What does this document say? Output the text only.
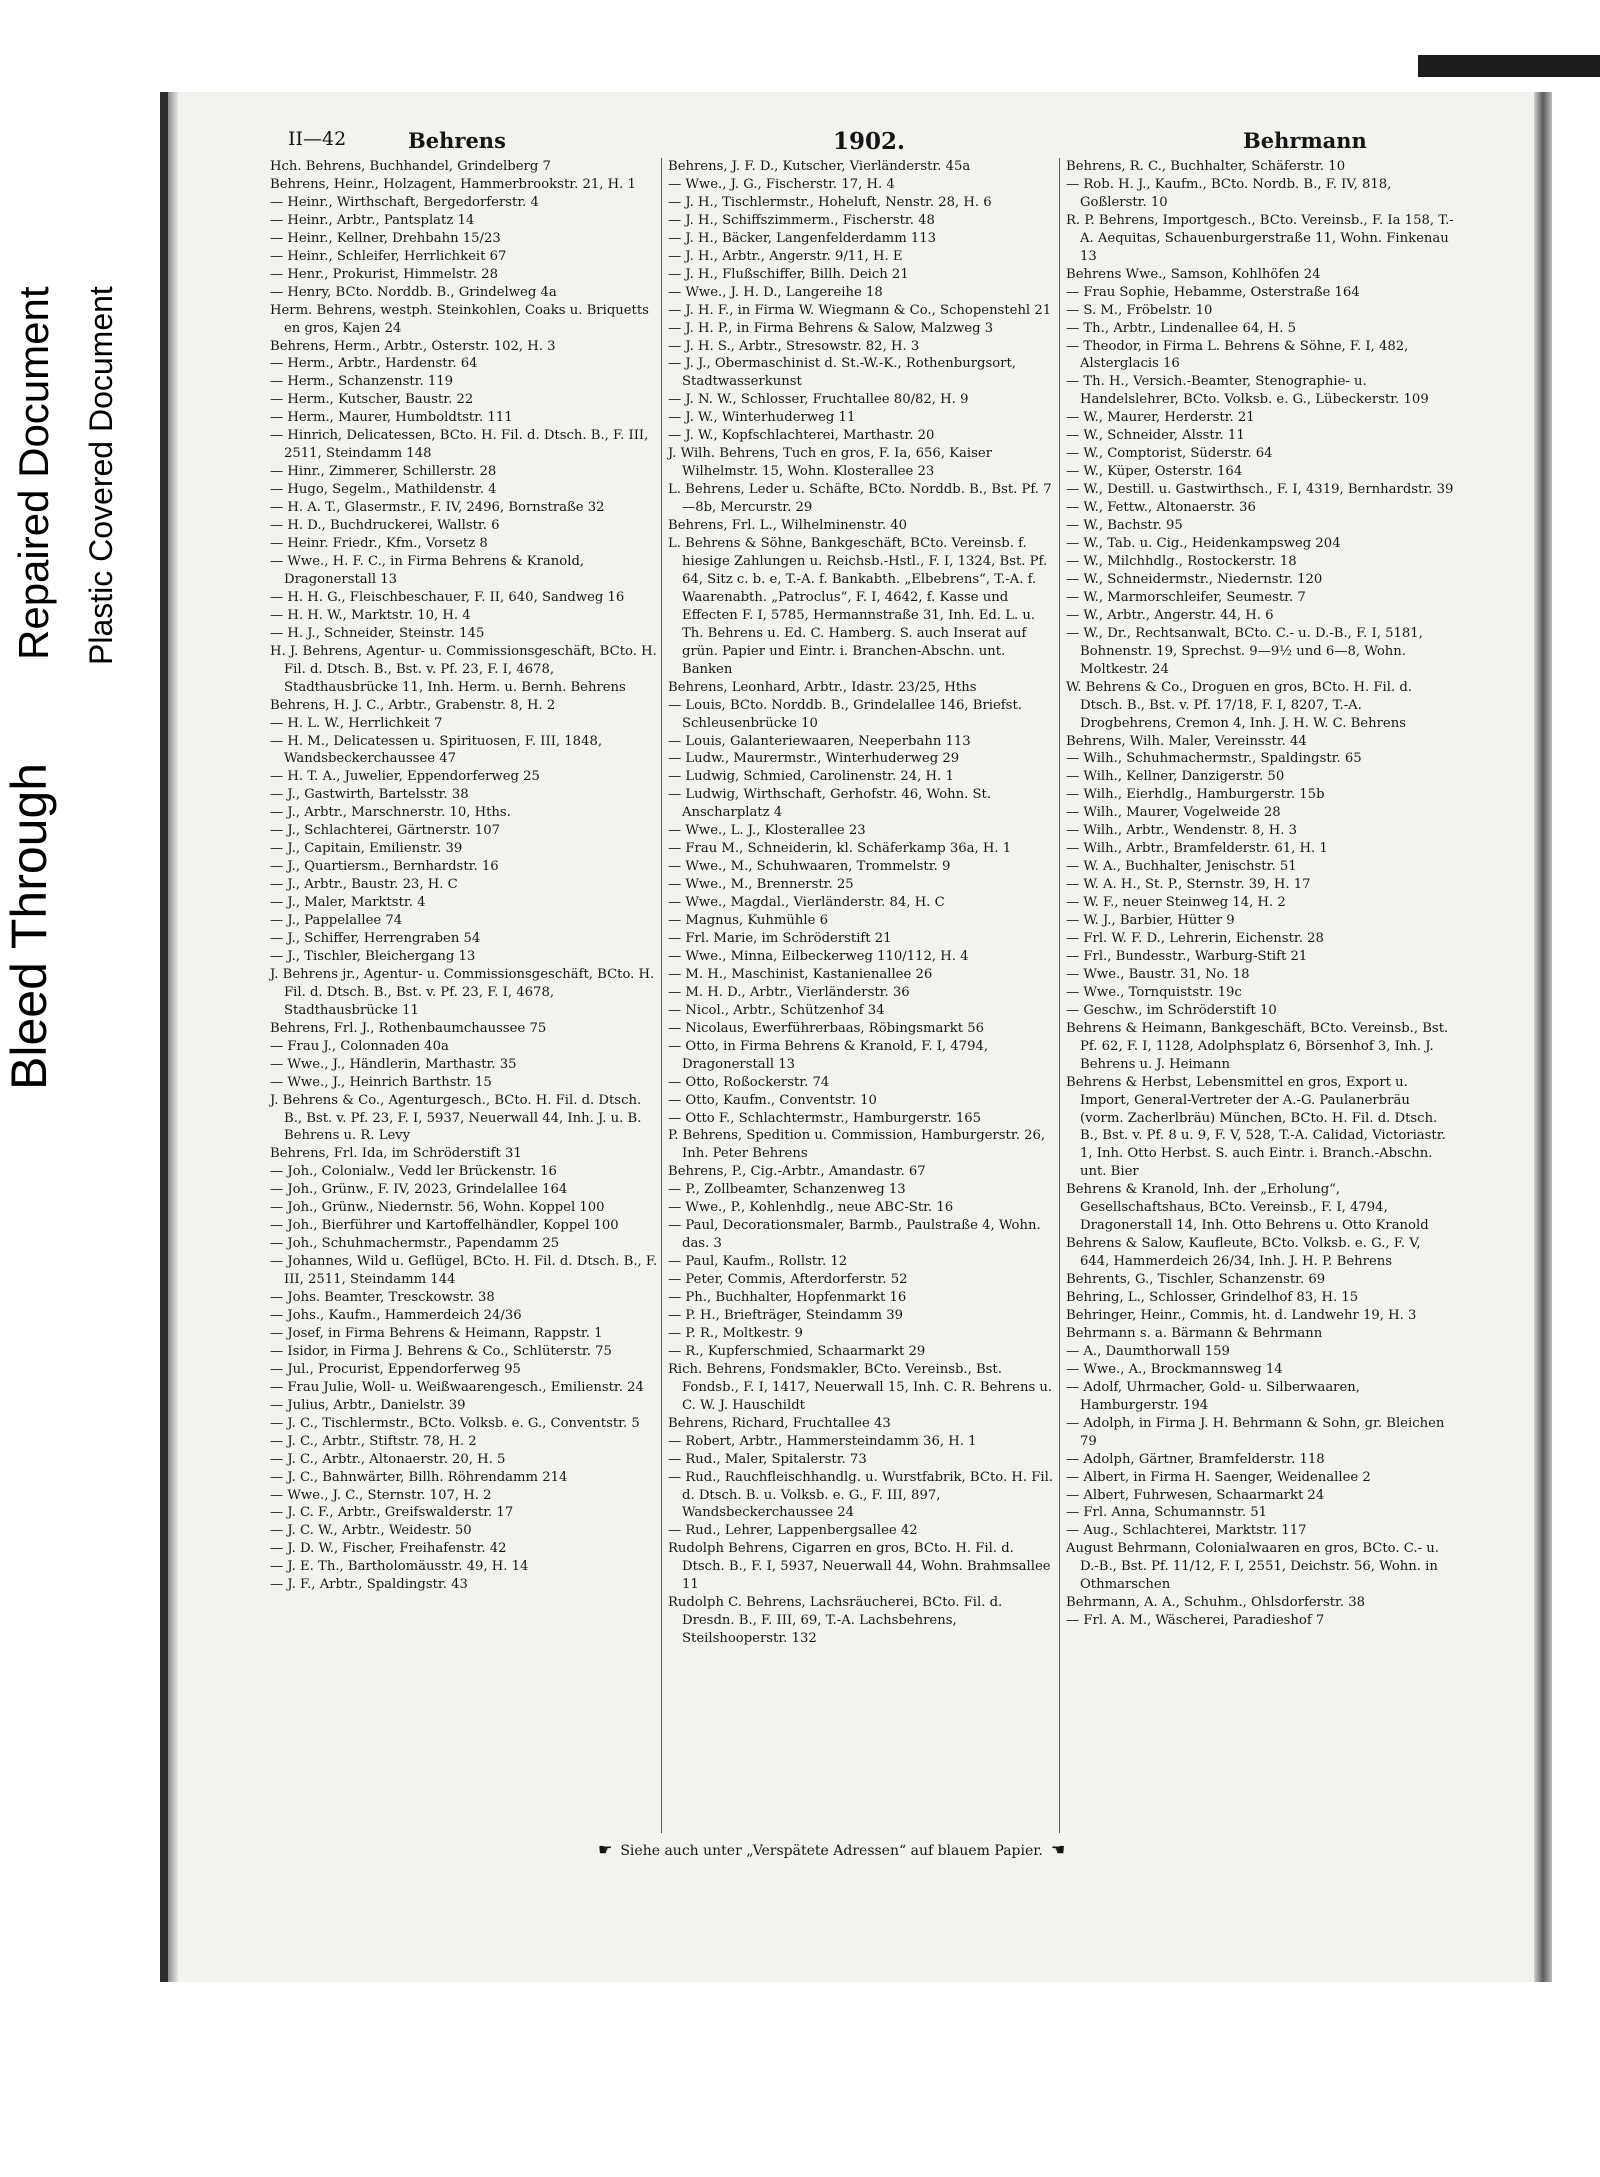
Bleed Through
Repaired Document Plastic Covered Document
II—42	Behrens	1902.	Behrmann

Hch. Behrens, Buchhandel, Grindelberg 7

Behrens, Heinr., Holzagent, Hammerbrookstr. 21, H. 1

— Heinr., Wirthschaft, Bergedorferstr. 4

— Heinr., Arbtr., Pantsplatz 14

— Heinr., Kellner, Drehbahn 15/23

— Heinr., Schleifer, Herrlichkeit 67

— Henr., Prokurist, Himmelstr. 28

— Henry, BCto. Norddb. B., Grindelweg 4a

Herm. Behrens, westph. Steinkohlen, Coaks u. Briquetts en gros, Kajen 24

Behrens, Herm., Arbtr., Osterstr. 102, H. 3

— Herm., Arbtr., Hardenstr. 64

— Herm., Schanzenstr. 119

— Herm., Kutscher, Baustr. 22

— Herm., Maurer, Humboldtstr. 111

— Hinrich, Delicatessen, BCto. H. Fil. d. Dtsch. B., F. III, 2511, Steindamm 148

— Hinr., Zimmerer, Schillerstr. 28

— Hugo, Segelm., Mathildenstr. 4

— H. A. T., Glasermstr., F. IV, 2496, Bornstraße 32

— H. D., Buchdruckerei, Wallstr. 6

— Heinr. Friedr., Kfm., Vorsetz 8

— Wwe., H. F. C., in Firma Behrens & Kranold, Dragonerstall 13

— H. H. G., Fleischbeschauer, F. II, 640, Sandweg 16

— H. H. W., Marktstr. 10, H. 4

— H. J., Schneider, Steinstr. 145

H. J. Behrens, Agentur- u. Commissionsgeschäft, BCto. H. Fil. d. Dtsch. B., Bst. v. Pf. 23, F. I, 4678, Stadthausbrücke 11, Inh. Herm. u. Bernh. Behrens

Behrens, H. J. C., Arbtr., Grabenstr. 8, H. 2

— H. L. W., Herrlichkeit 7

— H. M., Delicatessen u. Spirituosen, F. III, 1848, Wandsbeckerchaussee 47

— H. T. A., Juwelier, Eppendorferweg 25

— J., Gastwirth, Bartelsstr. 38

— J., Arbtr., Marschnerstr. 10, Hths.

— J., Schlachterei, Gärtnerstr. 107

— J., Capitain, Emilienstr. 39

— J., Quartiersm., Bernhardstr. 16

— J., Arbtr., Baustr. 23, H. C

— J., Maler, Marktstr. 4

— J., Pappelallee 74

— J., Schiffer, Herrengraben 54

— J., Tischler, Bleichergang 13

J. Behrens jr., Agentur- u. Commissionsgeschäft, BCto. H. Fil. d. Dtsch. B., Bst. v. Pf. 23, F. I, 4678, Stadthausbrücke 11

Behrens, Frl. J., Rothenbaumchaussee 75

— Frau J., Colonnaden 40a

— Wwe., J., Händlerin, Marthastr. 35

— Wwe., J., Heinrich Barthstr. 15

J. Behrens & Co., Agenturgesch., BCto. H. Fil. d. Dtsch. B., Bst. v. Pf. 23, F. I, 5937, Neuerwall 44, Inh. J. u. B. Behrens u. R. Levy

Behrens, Frl. Ida, im Schröderstift 31

— Joh., Colonialw., Vedd ler Brückenstr. 16

— Joh., Grünw., F. IV, 2023, Grindelallee 164

— Joh., Grünw., Niedernstr. 56, Wohn. Koppel 100

— Joh., Bierführer und Kartoffelhändler, Koppel 100

— Joh., Schuhmachermstr., Papendamm 25

— Johannes, Wild u. Geflügel, BCto. H. Fil. d. Dtsch. B., F. III, 2511, Steindamm 144

— Johs. Beamter, Tresckowstr. 38

— Johs., Kaufm., Hammerdeich 24/36

— Josef, in Firma Behrens & Heimann, Rappstr. 1

— Isidor, in Firma J. Behrens & Co., Schlüterstr. 75

— Jul., Procurist, Eppendorferweg 95

— Frau Julie, Woll- u. Weißwaarengesch., Emilienstr. 24

— Julius, Arbtr., Danielstr. 39

— J. C., Tischlermstr., BCto. Volksb. e. G., Conventstr. 5

— J. C., Arbtr., Stiftstr. 78, H. 2

— J. C., Arbtr., Altonaerstr. 20, H. 5

— J. C., Bahnwärter, Billh. Röhrendamm 214

— Wwe., J. C., Sternstr. 107, H. 2

— J. C. F., Arbtr., Greifswalderstr. 17

— J. C. W., Arbtr., Weidestr. 50

— J. D. W., Fischer, Freihafenstr. 42

— J. E. Th., Bartholomäusstr. 49, H. 14

— J. F., Arbtr., Spaldingstr. 43

Behrens, J. F. D., Kutscher, Vierländerstr. 45a

— Wwe., J. G., Fischerstr. 17, H. 4

— J. H., Tischlermstr., Hoheluft, Nenstr. 28, H. 6

— J. H., Schiffszimmerm., Fischerstr. 48

— J. H., Bäcker, Langenfelderdamm 113

— J. H., Arbtr., Angerstr. 9/11, H. E

— J. H., Flußschiffer, Billh. Deich 21

— Wwe., J. H. D., Langereihe 18

— J. H. F., in Firma W. Wiegmann & Co., Schopenstehl 21

— J. H. P., in Firma Behrens & Salow, Malzweg 3

— J. H. S., Arbtr., Stresowstr. 82, H. 3

— J. J., Obermaschinist d. St.-W.-K., Rothenburgsort, Stadtwasserkunst

— J. N. W., Schlosser, Fruchtallee 80/82, H. 9

— J. W., Winterhuderweg 11

— J. W., Kopfschlachterei, Marthastr. 20

J. Wilh. Behrens, Tuch en gros, F. Ia, 656, Kaiser Wilhelmstr. 15, Wohn. Klosterallee 23

L. Behrens, Leder u. Schäfte, BCto. Norddb. B., Bst. Pf. 7—8b, Mercurstr. 29

Behrens, Frl. L., Wilhelminenstr. 40

L. Behrens & Söhne, Bankgeschäft, BCto. Vereinsb. f. hiesige Zahlungen u. Reichsb.-Hstl., F. I, 1324, Bst. Pf. 64, Sitz c. b. e, T.-A. f. Bankabth. „Elbebrens“, T.-A. f. Waarenabth. „Patroclus“, F. I, 4642, f. Kasse und Effecten F. I, 5785, Hermannstraße 31, Inh. Ed. L. u. Th. Behrens u. Ed. C. Hamberg. S. auch Inserat auf grün. Papier und Eintr. i. Branchen-Abschn. unt. Banken

Behrens, Leonhard, Arbtr., Idastr. 23/25, Hths

— Louis, BCto. Norddb. B., Grindelallee 146, Briefst. Schleusenbrücke 10

— Louis, Galanteriewaaren, Neeperbahn 113

— Ludw., Maurermstr., Winterhuderweg 29

— Ludwig, Schmied, Carolinenstr. 24, H. 1

— Ludwig, Wirthschaft, Gerhofstr. 46, Wohn. St. Anscharplatz 4

— Wwe., L. J., Klosterallee 23

— Frau M., Schneiderin, kl. Schäferkamp 36a, H. 1

— Wwe., M., Schuhwaaren, Trommelstr. 9

— Wwe., M., Brennerstr. 25

— Wwe., Magdal., Vierländerstr. 84, H. C

— Magnus, Kuhmühle 6

— Frl. Marie, im Schröderstift 21

— Wwe., Minna, Eilbeckerweg 110/112, H. 4

— M. H., Maschinist, Kastanienallee 26

— M. H. D., Arbtr., Vierländerstr. 36

— Nicol., Arbtr., Schützenhof 34

— Nicolaus, Ewerführerbaas, Röbingsmarkt 56

— Otto, in Firma Behrens & Kranold, F. I, 4794, Dragonerstall 13

— Otto, Roßockerstr. 74

— Otto, Kaufm., Conventstr. 10

— Otto F., Schlachtermstr., Hamburgerstr. 165

P. Behrens, Spedition u. Commission, Hamburgerstr. 26, Inh. Peter Behrens

Behrens, P., Cig.-Arbtr., Amandastr. 67

— P., Zollbeamter, Schanzenweg 13

— Wwe., P., Kohlenhdlg., neue ABC-Str. 16

— Paul, Decorationsmaler, Barmb., Paulstraße 4, Wohn. das. 3

— Paul, Kaufm., Rollstr. 12

— Peter, Commis, Afterdorferstr. 52

— Ph., Buchhalter, Hopfenmarkt 16

— P. H., Briefträger, Steindamm 39

— P. R., Moltkestr. 9

— R., Kupferschmied, Schaarmarkt 29

Rich. Behrens, Fondsmakler, BCto. Vereinsb., Bst. Fondsb., F. I, 1417, Neuerwall 15, Inh. C. R. Behrens u. C. W. J. Hauschildt

Behrens, Richard, Fruchtallee 43

— Robert, Arbtr., Hammersteindamm 36, H. 1

— Rud., Maler, Spitalerstr. 73

— Rud., Rauchfleischhandlg. u. Wurstfabrik, BCto. H. Fil. d. Dtsch. B. u. Volksb. e. G., F. III, 897, Wandsbeckerchaussee 24

— Rud., Lehrer, Lappenbergsallee 42

Rudolph Behrens, Cigarren en gros, BCto. H. Fil. d. Dtsch. B., F. I, 5937, Neuerwall 44, Wohn. Brahmsallee 11

Rudolph C. Behrens, Lachsräucherei, BCto. Fil. d. Dresdn. B., F. III, 69, T.-A. Lachsbehrens, Steilshooperstr. 132

Behrens, R. C., Buchhalter, Schäferstr. 10

— Rob. H. J., Kaufm., BCto. Nordb. B., F. IV, 818, Goßlerstr. 10

R. P. Behrens, Importgesch., BCto. Vereinsb., F. Ia 158, T.-A. Aequitas, Schauenburgerstraße 11, Wohn. Finkenau 13

Behrens Wwe., Samson, Kohlhöfen 24

— Frau Sophie, Hebamme, Osterstraße 164

— S. M., Fröbelstr. 10

— Th., Arbtr., Lindenallee 64, H. 5

— Theodor, in Firma L. Behrens & Söhne, F. I, 482, Alsterglacis 16

— Th. H., Versich.-Beamter, Stenographie- u. Handelslehrer, BCto. Volksb. e. G., Lübeckerstr. 109

— W., Maurer, Herderstr. 21

— W., Schneider, Alsstr. 11

— W., Comptorist, Süderstr. 64

— W., Küper, Osterstr. 164

— W., Destill. u. Gastwirthsch., F. I, 4319, Bernhardstr. 39

— W., Fettw., Altonaerstr. 36

— W., Bachstr. 95

— W., Tab. u. Cig., Heidenkampsweg 204

— W., Milchhdlg., Rostockerstr. 18

— W., Schneidermstr., Niedernstr. 120

— W., Marmorschleifer, Seumestr. 7

— W., Arbtr., Angerstr. 44, H. 6

— W., Dr., Rechtsanwalt, BCto. C.- u. D.-B., F. I, 5181, Bohnenstr. 19, Sprechst. 9—9½ und 6—8, Wohn. Moltkestr. 24

W. Behrens & Co., Droguen en gros, BCto. H. Fil. d. Dtsch. B., Bst. v. Pf. 17/18, F. I, 8207, T.-A. Drogbehrens, Cremon 4, Inh. J. H. W. C. Behrens

Behrens, Wilh. Maler, Vereinsstr. 44

— Wilh., Schuhmachermstr., Spaldingstr. 65

— Wilh., Kellner, Danzigerstr. 50

— Wilh., Eierhdlg., Hamburgerstr. 15b

— Wilh., Maurer, Vogelweide 28

— Wilh., Arbtr., Wendenstr. 8, H. 3

— Wilh., Arbtr., Bramfelderstr. 61, H. 1

— W. A., Buchhalter, Jenischstr. 51

— W. A. H., St. P., Sternstr. 39, H. 17

— W. F., neuer Steinweg 14, H. 2

— W. J., Barbier, Hütter 9

— Frl. W. F. D., Lehrerin, Eichenstr. 28

— Frl., Bundesstr., Warburg-Stift 21

— Wwe., Baustr. 31, No. 18

— Wwe., Tornquiststr. 19c

— Geschw., im Schröderstift 10

Behrens & Heimann, Bankgeschäft, BCto. Vereinsb., Bst. Pf. 62, F. I, 1128, Adolphsplatz 6, Börsenhof 3, Inh. J. Behrens u. J. Heimann

Behrens & Herbst, Lebensmittel en gros, Export u. Import, General-Vertreter der A.-G. Paulanerbräu (vorm. Zacherlbräu) München, BCto. H. Fil. d. Dtsch. B., Bst. v. Pf. 8 u. 9, F. V, 528, T.-A. Calidad, Victoriastr. 1, Inh. Otto Herbst. S. auch Eintr. i. Branch.-Abschn. unt. Bier

Behrens & Kranold, Inh. der „Erholung“, Gesellschaftshaus, BCto. Vereinsb., F. I, 4794, Dragonerstall 14, Inh. Otto Behrens u. Otto Kranold

Behrens & Salow, Kaufleute, BCto. Volksb. e. G., F. V, 644, Hammerdeich 26/34, Inh. J. H. P. Behrens

Behrents, G., Tischler, Schanzenstr. 69

Behring, L., Schlosser, Grindelhof 83, H. 15

Behringer, Heinr., Commis, ht. d. Landwehr 19, H. 3

Behrmann s. a. Bärmann & Behrmann

— A., Daumthorwall 159

— Wwe., A., Brockmannsweg 14

— Adolf, Uhrmacher, Gold- u. Silberwaaren, Hamburgerstr. 194

— Adolph, in Firma J. H. Behrmann & Sohn, gr. Bleichen 79

— Adolph, Gärtner, Bramfelderstr. 118

— Albert, in Firma H. Saenger, Weidenallee 2

— Albert, Fuhrwesen, Schaarmarkt 24

— Frl. Anna, Schumannstr. 51

— Aug., Schlachterei, Marktstr. 117

August Behrmann, Colonialwaaren en gros, BCto. C.- u. D.-B., Bst. Pf. 11/12, F. I, 2551, Deichstr. 56, Wohn. in Othmarschen

Behrmann, A. A., Schuhm., Ohlsdorferstr. 38

— Frl. A. M., Wäscherei, Paradieshof 7

☛ Siehe auch unter „Verspätete Adressen“ auf blauem Papier. ☚
